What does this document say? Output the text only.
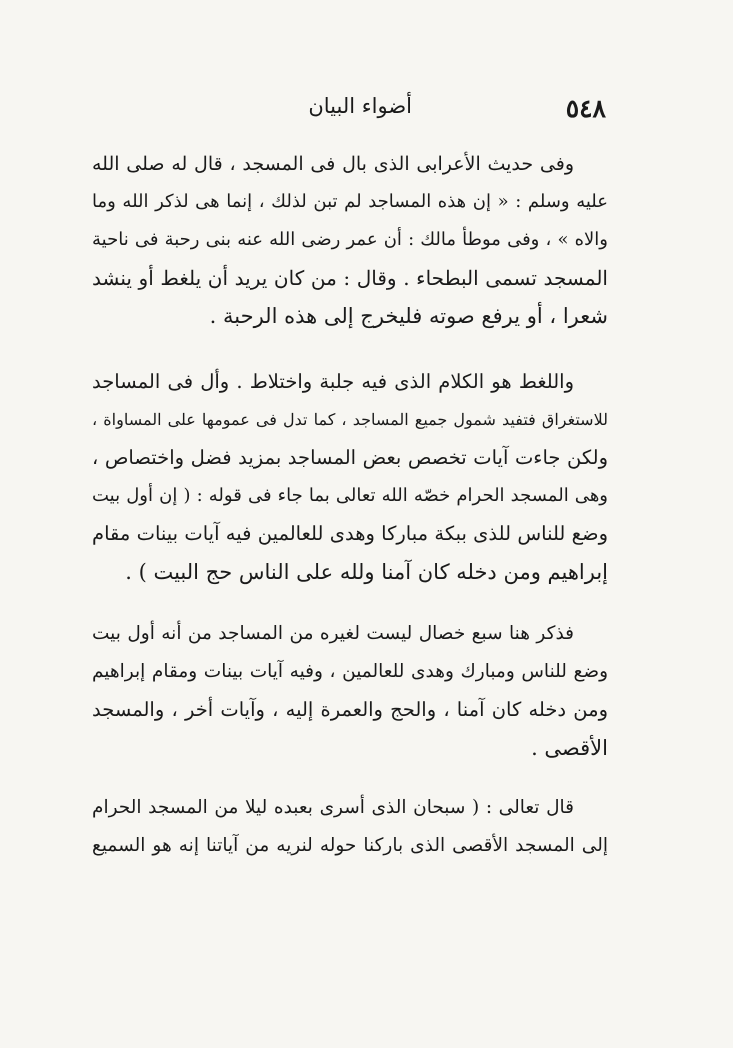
٥٤٨
أضواء البيان
وفى حديث الأعرابى الذى بال فى المسجد ، قال له صلى الله
عليه وسلم : « إن هذه المساجد لم تبن لذلك ، إنما هى لذكر الله وما
والاه » ، وفى موطأ مالك : أن عمر رضى الله عنه بنى رحبة فى ناحية
المسجد تسمى البطحاء . وقال : من كان يريد أن يلغط أو ينشد
شعرا ، أو يرفع صوته فليخرج إلى هذه الرحبة .
واللغط هو الكلام الذى فيه جلبة واختلاط . وأل فى المساجد
للاستغراق فتفيد شمول جميع المساجد ، كما تدل فى عمومها على المساواة ،
ولكن جاءت آيات تخصص بعض المساجد بمزيد فضل واختصاص ،
وهى المسجد الحرام خصّه الله تعالى بما جاء فى قوله : ( إن أول بيت
وضع للناس للذى ببكة مباركا وهدى للعالمين فيه آيات بينات مقام
إبراهيم ومن دخله كان آمنا ولله على الناس حج البيت ) .
فذكر هنا سبع خصال ليست لغيره من المساجد من أنه أول بيت
وضع للناس ومبارك وهدى للعالمين ، وفيه آيات بينات ومقام إبراهيم
ومن دخله كان آمنا ، والحج والعمرة إليه ، وآيات أخر ، والمسجد
الأقصى .
قال تعالى : ( سبحان الذى أسرى بعبده ليلا من المسجد الحرام
إلى المسجد الأقصى الذى باركنا حوله لنريه من آياتنا إنه هو السميع
